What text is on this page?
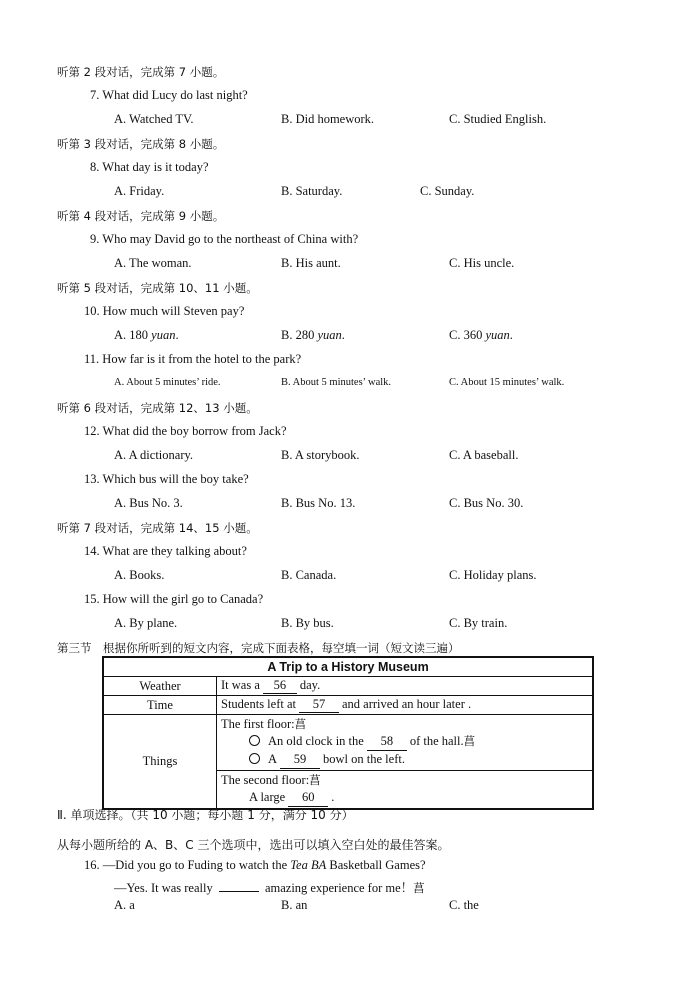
听第 2 段对话，完成第 7 小题。
7. What did Lucy do last night?
A. Watched TV.	B. Did homework.	C. Studied English.
听第 3 段对话，完成第 8 小题。
8. What day is it today?
A. Friday.	B. Saturday.	C. Sunday.
听第 4 段对话，完成第 9 小题。
9. Who may David go to the northeast of China with?
A. The woman.	B. His aunt.	C. His uncle.
听第 5 段对话，完成第 10、11 小题。
10. How much will Steven pay?
A. 180 yuan.	B. 280 yuan.	C. 360 yuan.
11. How far is it from the hotel to the park?
A. About 5 minutes’ ride.	B. About 5 minutes’ walk.	C. About 15 minutes’ walk.
听第 6 段对话，完成第 12、13 小题。
12. What did the boy borrow from Jack?
A. A dictionary.	B. A storybook.	C. A baseball.
13. Which bus will the boy take?
A. Bus No. 3.	B. Bus No. 13.	C. Bus No. 30.
听第 7 段对话，完成第 14、15 小题。
14. What are they talking about?
A. Books.	B. Canada.	C. Holiday plans.
15. How will the girl go to Canada?
A. By plane.	B. By bus.	C. By train.
第三节　根据你所听到的短文内容，完成下面表格，每空填一词（短文读三遍）
A Trip to a History Museum	
Weather	It was a 56 day.
Time	Students left at 57 and arrived an hour later .
Things	The first floor:菖
An old clock in the 58 of the hall.菖
A 59 bowl on the left.
	The second floor:菖

A large 60 .
Ⅱ. 单项选择。（共 10 小题；每小题 1 分，满分 10 分）
从每小题所给的 A、B、C 三个选项中，选出可以填入空白处的最佳答案。
16. —Did you go to Fuding to watch the Tea BA Basketball Games?
—Yes. It was really	amazing experience for me！菖
A. a	B. an	C. the
